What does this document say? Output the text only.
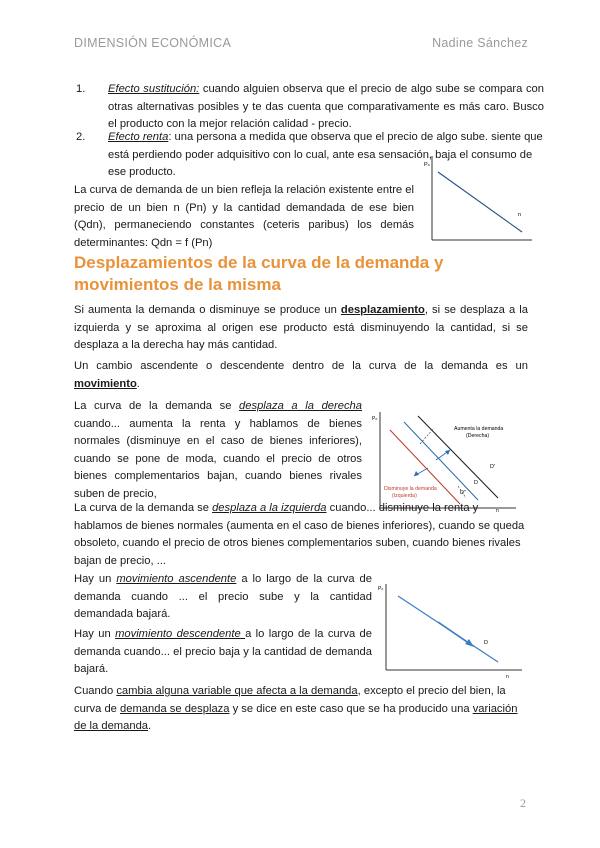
DIMENSIÓN ECONÓMICA	Nadine Sánchez

1. Efecto sustitución: cuando alguien observa que el precio de algo sube se compara con otras alternativas posibles y te das cuenta que comparativamente es más caro. Busco el producto con la mejor relación calidad - precio.

2. Efecto renta: una persona a medida que observa que el precio de algo sube. siente que está perdiendo poder adquisitivo con lo cual, ante esa sensación, baja el consumo de ese producto.

La curva de demanda de un bien refleja la relación existente entre el precio de un bien n (Pn) y la cantidad demandada de ese bien (Qdn), permaneciendo constantes (ceteris paribus) los demás determinantes: Qdn = f (Pn)

Pₙ
n
Desplazamientos de la curva de la demanda y movimientos de la misma

Si aumenta la demanda o disminuye se produce un desplazamiento, si se desplaza a la izquierda y se aproxima al origen ese producto está disminuyendo la cantidad, si se desplaza a la derecha hay más cantidad.

Un cambio ascendente o descendente dentro de la curva de la demanda es un movimiento.

La curva de la demanda se desplaza a la derecha cuando... aumenta la renta y hablamos de bienes normales (disminuye en el caso de bienes inferiores), cuando se pone de moda, cuando el precio de otros bienes complementarios bajan, cuando bienes rivales suben de precio,

Pₙ
n
Aumenta la demanda
(Derecha)
Disminuye la demanda
(Izquierda)
D'
D
D''

La curva de la demanda se desplaza a la izquierda cuando... disminuye la renta y hablamos de bienes normales (aumenta en el caso de bienes inferiores), cuando se queda obsoleto, cuando el precio de otros bienes complementarios suben, cuando bienes rivales bajan de precio, ...

Hay un movimiento ascendente a lo largo de la curva de demanda cuando ... el precio sube y la cantidad demandada bajará.

Hay un movimiento descendente a lo largo de la curva de demanda cuando... el precio baja y la cantidad de demanda bajará.

Pₙ
n
D

Cuando cambia alguna variable que afecta a la demanda, excepto el precio del bien, la curva de demanda se desplaza y se dice en este caso que se ha producido una variación de la demanda.

2
